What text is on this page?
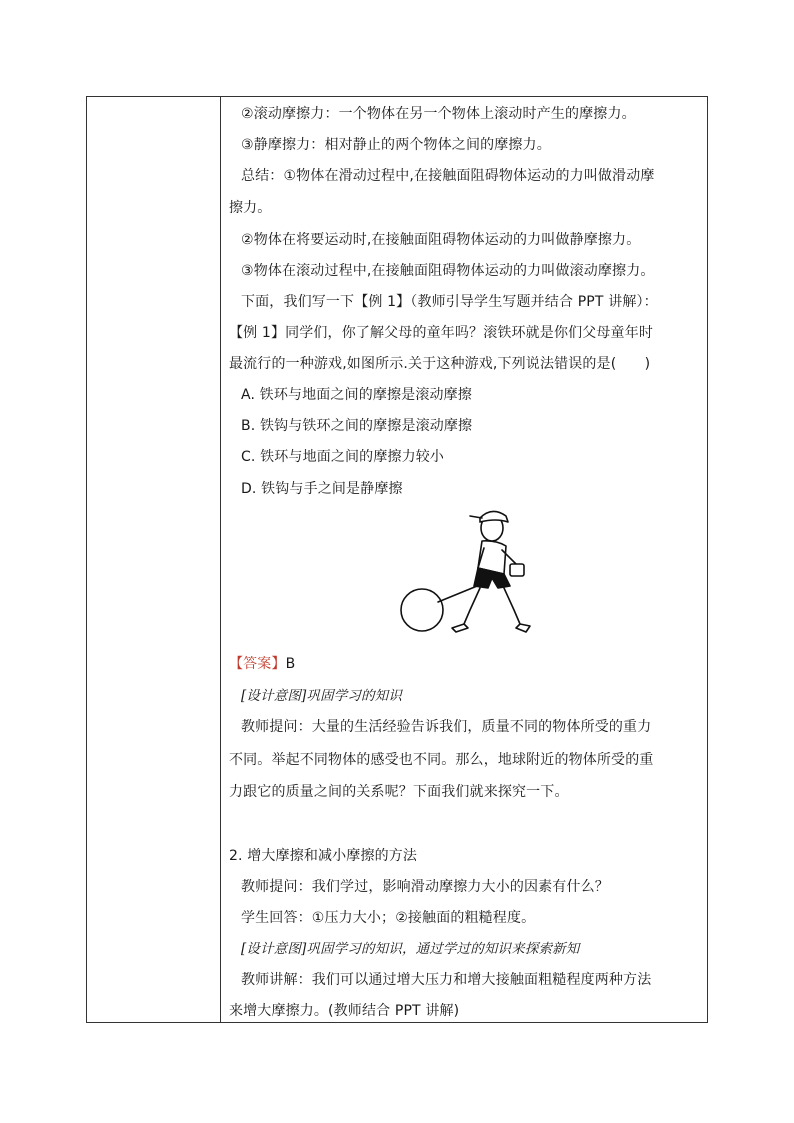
②滚动摩擦力：一个物体在另一个物体上滚动时产生的摩擦力。
③静摩擦力：相对静止的两个物体之间的摩擦力。
总结：①物体在滑动过程中,在接触面阻碍物体运动的力叫做滑动摩
擦力。
②物体在将要运动时,在接触面阻碍物体运动的力叫做静摩擦力。
③物体在滚动过程中,在接触面阻碍物体运动的力叫做滚动摩擦力。
下面，我们写一下【例 1】（教师引导学生写题并结合 PPT 讲解）：
【例 1】同学们，你了解父母的童年吗？滚铁环就是你们父母童年时
最流行的一种游戏,如图所示.关于这种游戏,下列说法错误的是(　　)
A. 铁环与地面之间的摩擦是滚动摩擦
B. 铁钩与铁环之间的摩擦是滚动摩擦
C. 铁环与地面之间的摩擦力较小
D. 铁钩与手之间是静摩擦
【答案】B
[设计意图]巩固学习的知识
教师提问：大量的生活经验告诉我们，质量不同的物体所受的重力
不同。举起不同物体的感受也不同。那么，地球附近的物体所受的重
力跟它的质量之间的关系呢？下面我们就来探究一下。
2. 增大摩擦和减小摩擦的方法
教师提问：我们学过，影响滑动摩擦力大小的因素有什么？
学生回答：①压力大小；②接触面的粗糙程度。
[设计意图]巩固学习的知识，通过学过的知识来探索新知
教师讲解：我们可以通过增大压力和增大接触面粗糙程度两种方法
来增大摩擦力。(教师结合 PPT 讲解)
